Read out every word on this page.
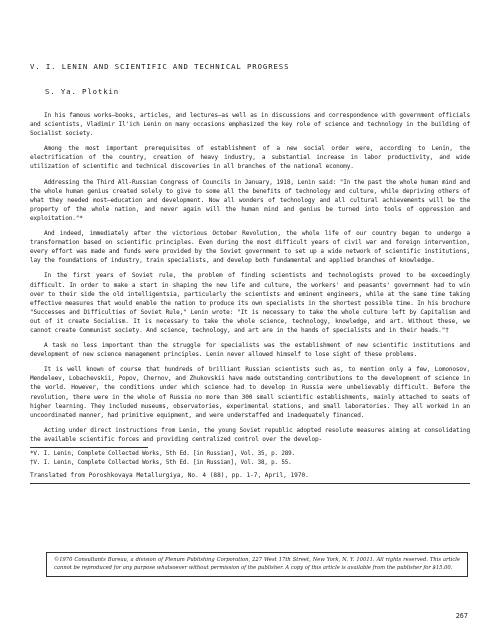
V. I. LENIN AND SCIENTIFIC AND TECHNICAL PROGRESS
S. Ya. Plotkin

In his famous works—books, articles, and lectures—as well as in discussions and correspondence with government officials and scientists, Vladimir Il'ich Lenin on many occasions emphasized the key role of science and technology in the building of Socialist society.

Among the most important prerequisites of establishment of a new social order were, according to Lenin, the electrification of the country, creation of heavy industry, a substantial increase in labor productivity, and wide utilization of scientific and technical discoveries in all branches of the national economy.

Addressing the Third All-Russian Congress of Councils in January, 1918, Lenin said: "In the past the whole human mind and the whole human genius created solely to give to some all the benefits of technology and culture, while depriving others of what they needed most—education and development. Now all wonders of technology and all cultural achievements will be the property of the whole nation, and never again will the human mind and genius be turned into tools of oppression and exploitation."*

And indeed, immediately after the victorious October Revolution, the whole life of our country began to undergo a transformation based on scientific principles. Even during the most difficult years of civil war and foreign intervention, every effort was made and funds were provided by the Soviet government to set up a wide network of scientific institutions, lay the foundations of industry, train specialists, and develop both fundamental and applied branches of knowledge.

In the first years of Soviet rule, the problem of finding scientists and technologists proved to be exceedingly difficult. In order to make a start in shaping the new life and culture, the workers' and peasants' government had to win over to their side the old intelligentsia, particularly the scientists and eminent engineers, while at the same time taking effective measures that would enable the nation to produce its own specialists in the shortest possible time. In his brochure "Successes and Difficulties of Soviet Rule," Lenin wrote: "It is necessary to take the whole culture left by Capitalism and out of it create Socialism. It is necessary to take the whole science, technology, knowledge, and art. Without these, we cannot create Communist society. And science, technology, and art are in the hands of specialists and in their heads."†

A task no less important than the struggle for specialists was the establishment of new scientific institutions and development of new science management principles. Lenin never allowed himself to lose sight of these problems.

It is well known of course that hundreds of brilliant Russian scientists such as, to mention only a few, Lomonosov, Mendeleev, Lobachevskii, Popov, Chernov, and Zhukovskii have made outstanding contributions to the development of science in the world. However, the conditions under which science had to develop in Russia were unbelievably difficult. Before the revolution, there were in the whole of Russia no more than 300 small scientific establishments, mainly attached to seats of higher learning. They included museums, observatories, experimental stations, and small laboratories. They all worked in an uncoordinated manner, had primitive equipment, and were understaffed and inadequately financed.

Acting under direct instructions from Lenin, the young Soviet republic adopted resolute measures aiming at consolidating the available scientific forces and providing centralized control over the develop-

*V. I. Lenin, Complete Collected Works, 5th Ed. [in Russian], Vol. 35, p. 289.

†V. I. Lenin, Complete Collected Works, 5th Ed. [in Russian], Vol. 38, p. 55.

Translated from Poroshkovaya Metallurgiya, No. 4 (88), pp. 1-7, April, 1970.

©1970 Consultants Bureau, a division of Plenum Publishing Corporation, 227 West 17th Street, New York, N. Y. 10011. All rights reserved. This article cannot be reproduced for any purpose whatsoever without permission of the publisher. A copy of this article is available from the publisher for $15.00.

267
